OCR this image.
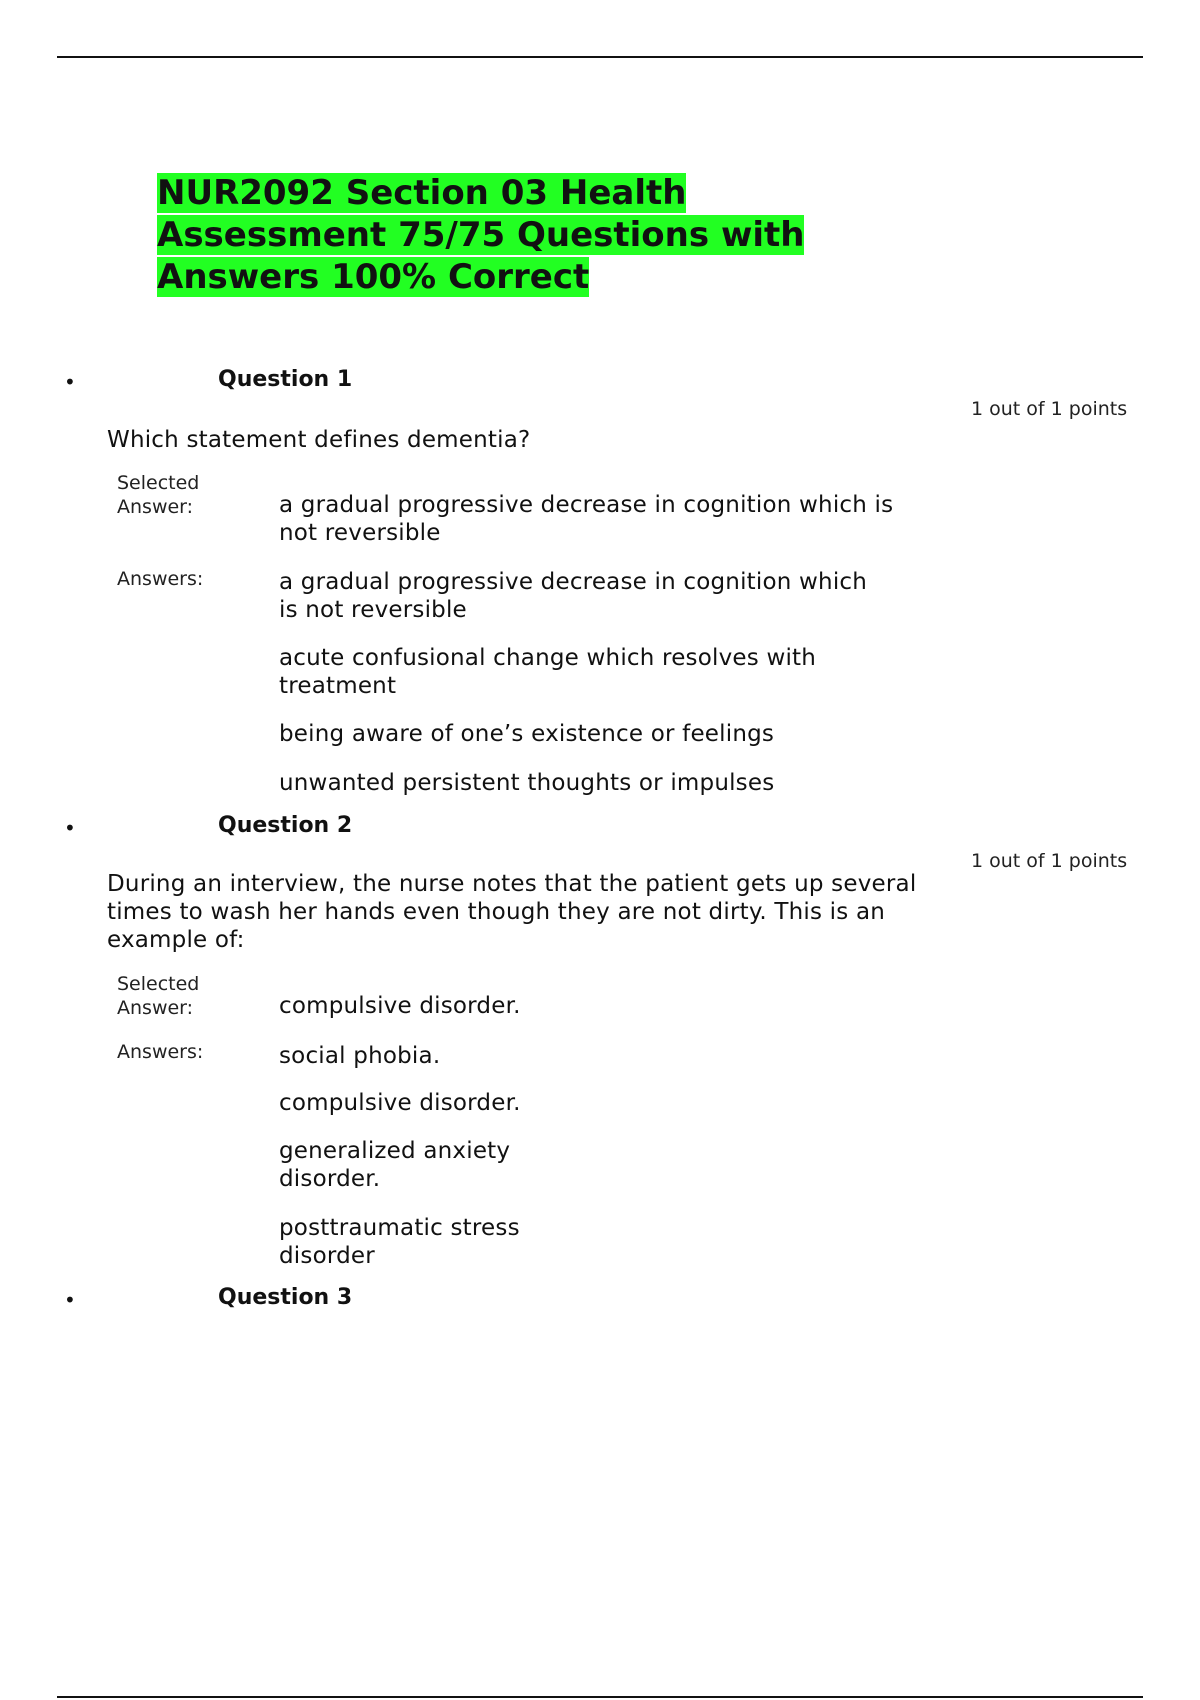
NUR2092 Section 03 Health
Assessment 75/75 Questions with
Answers 100% Correct
•	Question 1
1 out of 1 points
Which statement defines dementia?
Selected
Answer:	a gradual progressive decrease in cognition which is
not reversible
Answers:	a gradual progressive decrease in cognition which
is not reversible
acute confusional change which resolves with
treatment
being aware of one’s existence or feelings
unwanted persistent thoughts or impulses
•	Question 2
1 out of 1 points
During an interview, the nurse notes that the patient gets up several
times to wash her hands even though they are not dirty. This is an
example of:
Selected
Answer:	compulsive disorder.
Answers:	social phobia.
compulsive disorder.
generalized anxiety
disorder.
posttraumatic stress
disorder
•	Question 3
